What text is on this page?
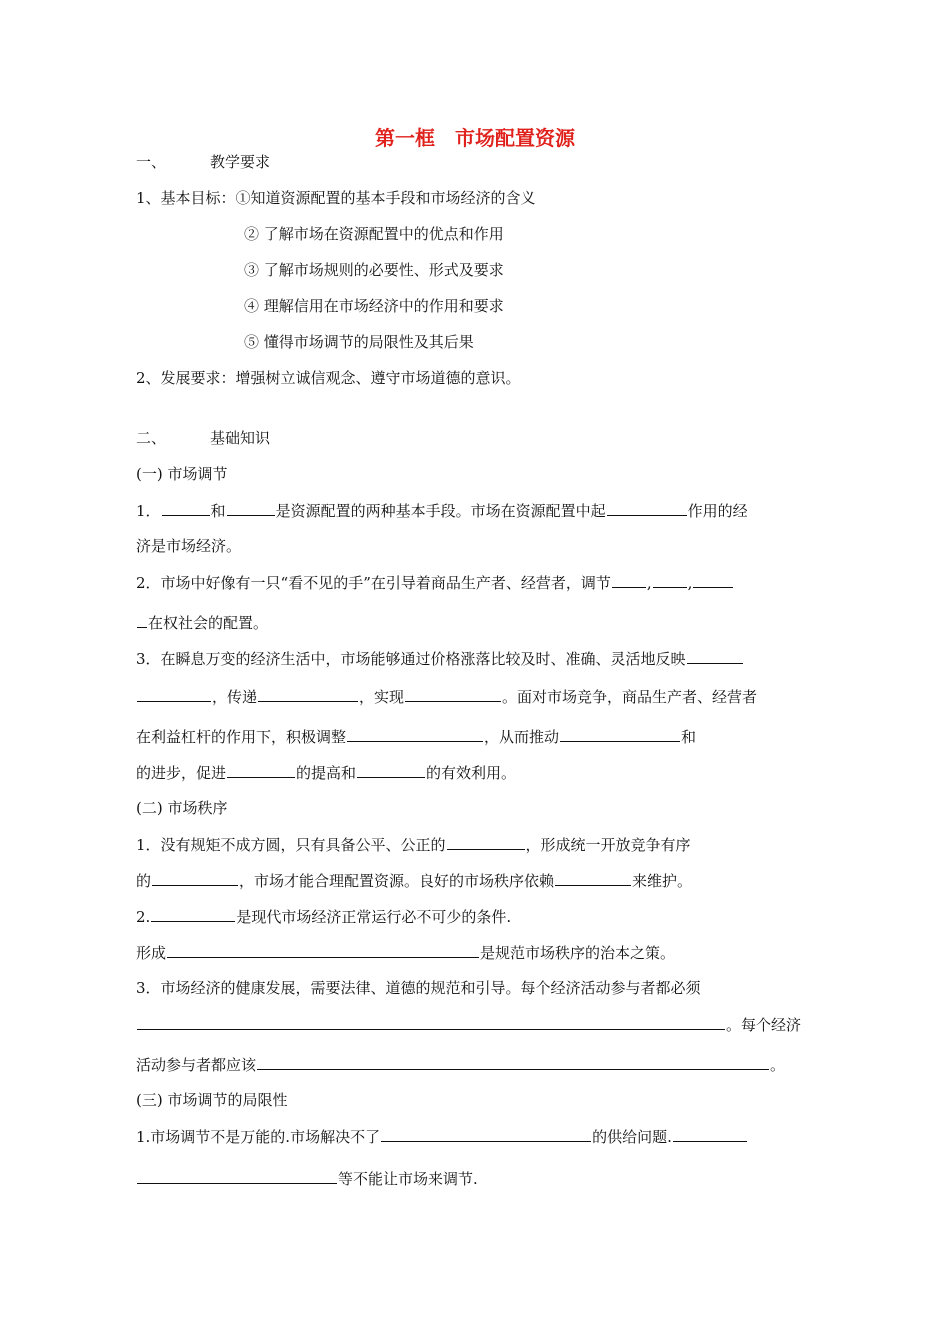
第一框　市场配置资源
一、	教学要求
1、基本目标：①知道资源配置的基本手段和市场经济的含义
② 了解市场在资源配置中的优点和作用
③ 了解市场规则的必要性、形式及要求
④ 理解信用在市场经济中的作用和要求
⑤ 懂得市场调节的局限性及其后果
2、发展要求：增强树立诚信观念、遵守市场道德的意识。
二、	基础知识
(一) 市场调节
1．	和	是资源配置的两种基本手段。市场在资源配置中起	作用的经
济是市场经济。
2．市场中好像有一只“看不见的手”在引导着商品生产者、经营者，调节 , ,
在权社会的配置。
3．在瞬息万变的经济生活中，市场能够通过价格涨落比较及时、准确、灵活地反映
，传递	，实现	。面对市场竞争，商品生产者、经营者
在利益杠杆的作用下，积极调整	，从而推动	和
的进步，促进	的提高和	的有效利用。
(二) 市场秩序
1．没有规矩不成方圆，只有具备公平、公正的	，形成统一开放竞争有序
的	，市场才能合理配置资源。良好的市场秩序依赖	来维护。
2.	是现代市场经济正常运行必不可少的条件.
形成	是规范市场秩序的治本之策。
3．市场经济的健康发展，需要法律、道德的规范和引导。每个经济活动参与者都必须
。每个经济
活动参与者都应该	。
(三) 市场调节的局限性
1.市场调节不是万能的.市场解决不了	的供给问题.
等不能让市场来调节.
